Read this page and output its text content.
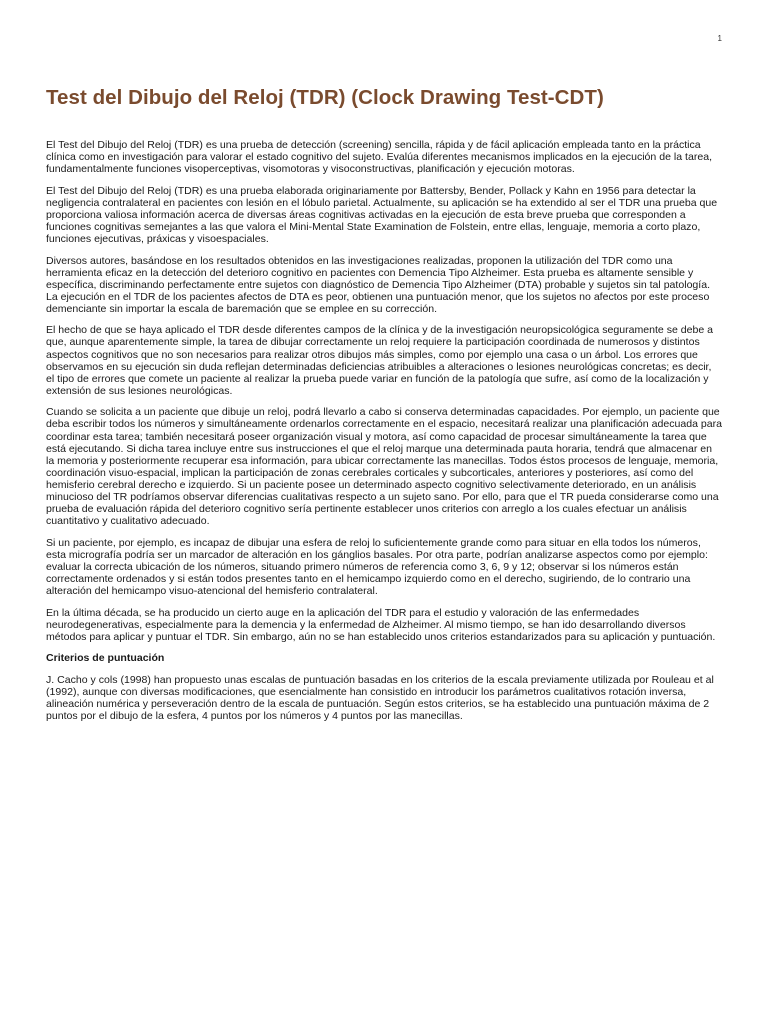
1
Test del Dibujo del Reloj (TDR) (Clock Drawing Test-CDT)

El Test del Dibujo del Reloj (TDR) es una prueba de detección (screening) sencilla, rápida y de fácil aplicación empleada tanto en la práctica clínica como en investigación para valorar el estado cognitivo del sujeto. Evalúa diferentes mecanismos implicados en la ejecución de la tarea, fundamentalmente funciones visoperceptivas, visomotoras y visoconstructivas, planificación y ejecución motoras.

El Test del Dibujo del Reloj (TDR) es una prueba elaborada originariamente por Battersby, Bender, Pollack y Kahn en 1956 para detectar la negligencia contralateral en pacientes con lesión en el lóbulo parietal. Actualmente, su aplicación se ha extendido al ser el TDR una prueba que proporciona valiosa información acerca de diversas áreas cognitivas activadas en la ejecución de esta breve prueba que corresponden a funciones cognitivas semejantes a las que valora el Mini-Mental State Examination de Folstein, entre ellas, lenguaje, memoria a corto plazo, funciones ejecutivas, práxicas y visoespaciales.

Diversos autores, basándose en los resultados obtenidos en las investigaciones realizadas, proponen la utilización del TDR como una herramienta eficaz en la detección del deterioro cognitivo en pacientes con Demencia Tipo Alzheimer. Esta prueba es altamente sensible y específica, discriminando perfectamente entre sujetos con diagnóstico de Demencia Tipo Alzheimer (DTA) probable y sujetos sin tal patología. La ejecución en el TDR de los pacientes afectos de DTA es peor, obtienen una puntuación menor, que los sujetos no afectos por este proceso demenciante sin importar la escala de baremación que se emplee en su corrección.

El hecho de que se haya aplicado el TDR desde diferentes campos de la clínica y de la investigación neuropsicológica seguramente se debe a que, aunque aparentemente simple, la tarea de dibujar correctamente un reloj requiere la participación coordinada de numerosos y distintos aspectos cognitivos que no son necesarios para realizar otros dibujos más simples, como por ejemplo una casa o un árbol. Los errores que observamos en su ejecución sin duda reflejan determinadas deficiencias atribuibles a alteraciones o lesiones neurológicas concretas; es decir, el tipo de errores que comete un paciente al realizar la prueba puede variar en función de la patología que sufre, así como de la localización y extensión de sus lesiones neurológicas.

Cuando se solicita a un paciente que dibuje un reloj, podrá llevarlo a cabo si conserva determinadas capacidades. Por ejemplo, un paciente que deba escribir todos los números y simultáneamente ordenarlos correctamente en el espacio, necesitará realizar una planificación adecuada para coordinar esta tarea; también necesitará poseer organización visual y motora, así como capacidad de procesar simultáneamente la tarea que está ejecutando. Si dicha tarea incluye entre sus instrucciones el que el reloj marque una determinada pauta horaria, tendrá que almacenar en la memoria y posteriormente recuperar esa información, para ubicar correctamente las manecillas. Todos éstos procesos de lenguaje, memoria, coordinación visuo-espacial, implican la participación de zonas cerebrales corticales y subcorticales, anteriores y posteriores, así como del hemisferio cerebral derecho e izquierdo. Si un paciente posee un determinado aspecto cognitivo selectivamente deteriorado, en un análisis minucioso del TR podríamos observar diferencias cualitativas respecto a un sujeto sano. Por ello, para que el TR pueda considerarse como una prueba de evaluación rápida del deterioro cognitivo sería pertinente establecer unos criterios con arreglo a los cuales efectuar un análisis cuantitativo y cualitativo adecuado.

Si un paciente, por ejemplo, es incapaz de dibujar una esfera de reloj lo suficientemente grande como para situar en ella todos los números, esta micrografía podría ser un marcador de alteración en los gánglios basales. Por otra parte, podrían analizarse aspectos como por ejemplo: evaluar la correcta ubicación de los números, situando primero números de referencia como 3, 6, 9 y 12; observar si los números están correctamente ordenados y si están todos presentes tanto en el hemicampo izquierdo como en el derecho, sugiriendo, de lo contrario una alteración del hemicampo visuo-atencional del hemisferio contralateral.

En la última década, se ha producido un cierto auge en la aplicación del TDR para el estudio y valoración de las enfermedades neurodegenerativas, especialmente para la demencia y la enfermedad de Alzheimer. Al mismo tiempo, se han ido desarrollando diversos métodos para aplicar y puntuar el TDR. Sin embargo, aún no se han establecido unos criterios estandarizados para su aplicación y puntuación.

Criterios de puntuación

J. Cacho y cols (1998) han propuesto unas escalas de puntuación basadas en los criterios de la escala previamente utilizada por Rouleau et al (1992), aunque con diversas modificaciones, que esencialmente han consistido en introducir los parámetros cualitativos rotación inversa, alineación numérica y perseveración dentro de la escala de puntuación. Según estos criterios, se ha establecido una puntuación máxima de 2 puntos por el dibujo de la esfera, 4 puntos por los números y 4 puntos por las manecillas.
